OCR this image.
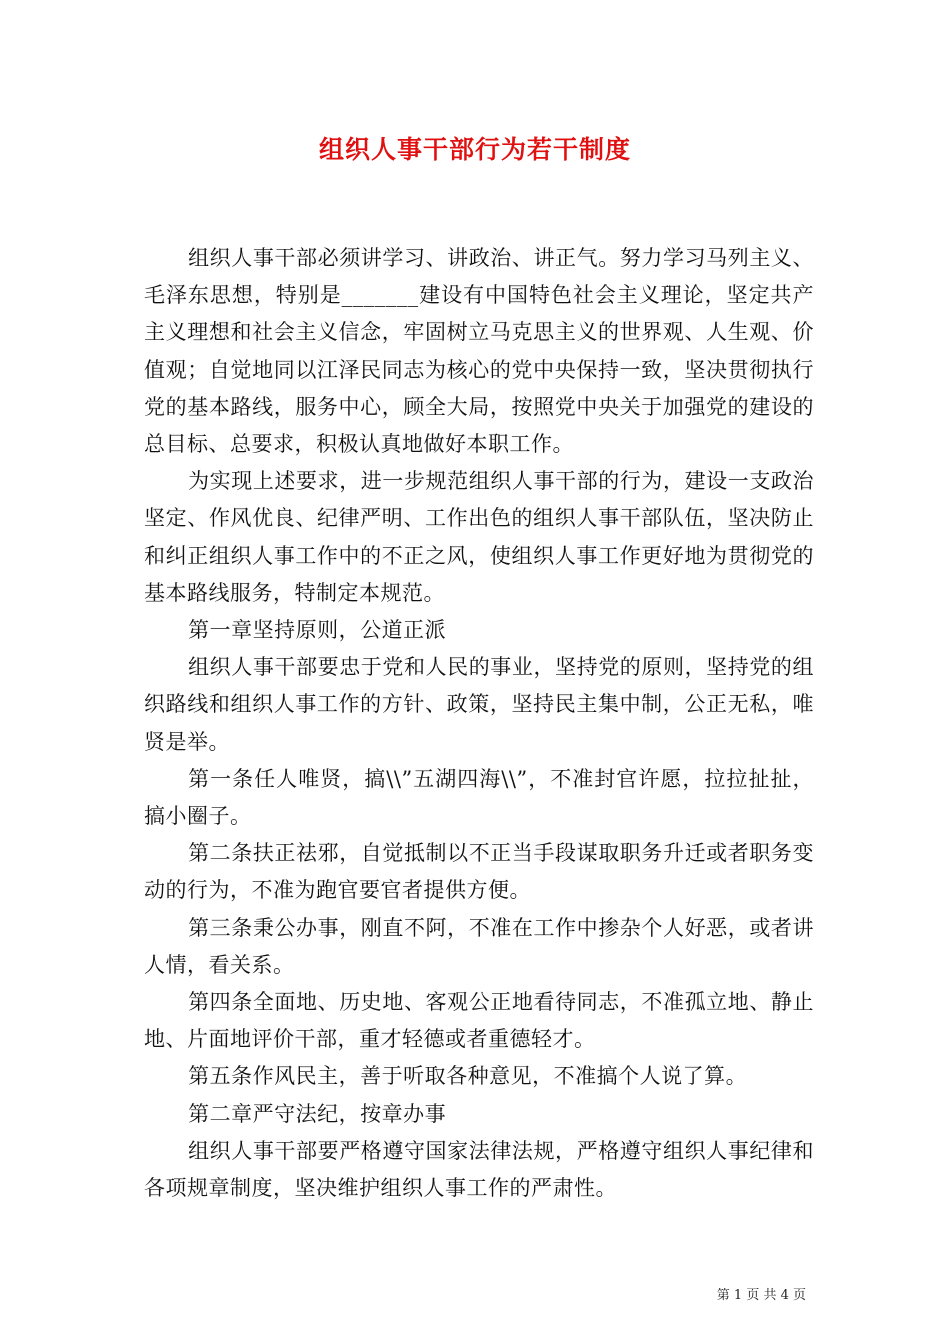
组织人事干部行为若干制度

组织人事干部必须讲学习、讲政治、讲正气。努力学习马列主义、毛泽东思想，特别是_______建设有中国特色社会主义理论，坚定共产主义理想和社会主义信念，牢固树立马克思主义的世界观、人生观、价值观；自觉地同以江泽民同志为核心的党中央保持一致，坚决贯彻执行党的基本路线，服务中心，顾全大局，按照党中央关于加强党的建设的总目标、总要求，积极认真地做好本职工作。

为实现上述要求，进一步规范组织人事干部的行为，建设一支政治坚定、作风优良、纪律严明、工作出色的组织人事干部队伍，坚决防止和纠正组织人事工作中的不正之风，使组织人事工作更好地为贯彻党的基本路线服务，特制定本规范。

第一章坚持原则，公道正派

组织人事干部要忠于党和人民的事业，坚持党的原则，坚持党的组织路线和组织人事工作的方针、政策，坚持民主集中制，公正无私，唯贤是举。

第一条任人唯贤，搞\\”五湖四海\\”，不准封官许愿，拉拉扯扯，搞小圈子。

第二条扶正祛邪，自觉抵制以不正当手段谋取职务升迁或者职务变动的行为，不准为跑官要官者提供方便。

第三条秉公办事，刚直不阿，不准在工作中掺杂个人好恶，或者讲人情，看关系。

第四条全面地、历史地、客观公正地看待同志，不准孤立地、静止地、片面地评价干部，重才轻德或者重德轻才。

第五条作风民主，善于听取各种意见，不准搞个人说了算。

第二章严守法纪，按章办事

组织人事干部要严格遵守国家法律法规，严格遵守组织人事纪律和各项规章制度，坚决维护组织人事工作的严肃性。

第 1 页 共 4 页
